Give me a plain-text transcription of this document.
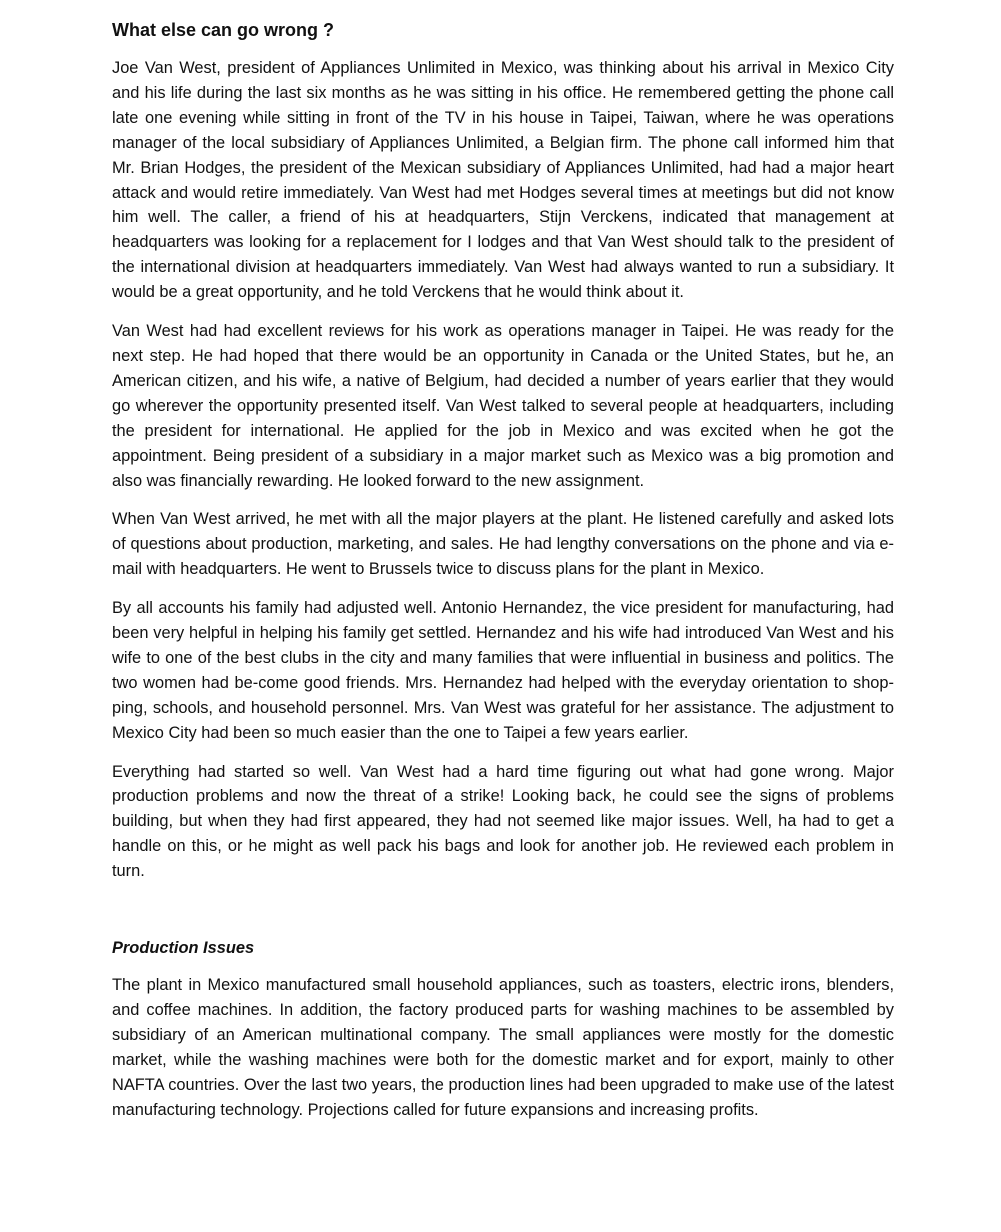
What else can go wrong ?

Joe Van West, president of Appliances Unlimited in Mexico, was thinking about his arrival in Mexico City and his life during the last six months as he was sitting in his office. He remembered getting the phone call late one evening while sitting in front of the TV in his house in Taipei, Taiwan, where he was operations manager of the local subsidiary of Appliances Unlimited, a Belgian firm. The phone call informed him that Mr. Brian Hodges, the president of the Mexican subsidiary of Appliances Unlimited, had had a major heart attack and would retire immediately. Van West had met Hodges several times at meetings but did not know him well. The caller, a friend of his at headquarters, Stijn Verckens, indicated that management at headquarters was looking for a replacement for I lodges and that Van West should talk to the president of the international division at headquarters immediately. Van West had always wanted to run a subsidiary. It would be a great opportunity, and he told Verckens that he would think about it.

Van West had had excellent reviews for his work as operations manager in Taipei. He was ready for the next step. He had hoped that there would be an opportunity in Canada or the United States, but he, an American citizen, and his wife, a native of Belgium, had decided a number of years earlier that they would go wherever the opportunity presented itself. Van West talked to several people at headquarters, including the president for international. He applied for the job in Mexico and was excited when he got the appointment. Being president of a subsidiary in a major market such as Mexico was a big promotion and also was financially rewarding. He looked forward to the new assignment.

When Van West arrived, he met with all the major players at the plant. He listened carefully and asked lots of questions about production, marketing, and sales. He had lengthy conversations on the phone and via e-mail with headquarters. He went to Brussels twice to discuss plans for the plant in Mexico.

By all accounts his family had adjusted well. Antonio Hernandez, the vice president for manufacturing, had been very helpful in helping his family get settled. Hernandez and his wife had introduced Van West and his wife to one of the best clubs in the city and many families that were influential in business and politics. The two women had be-come good friends. Mrs. Hernandez had helped with the everyday orientation to shop-ping, schools, and household personnel. Mrs. Van West was grateful for her assistance. The adjustment to Mexico City had been so much easier than the one to Taipei a few years earlier.

Everything had started so well. Van West had a hard time figuring out what had gone wrong. Major production problems and now the threat of a strike! Looking back, he could see the signs of problems building, but when they had first appeared, they had not seemed like major issues. Well, ha had to get a handle on this, or he might as well pack his bags and look for another job. He reviewed each problem in turn.

Production Issues

The plant in Mexico manufactured small household appliances, such as toasters, electric irons, blenders, and coffee machines. In addition, the factory produced parts for washing machines to be assembled by subsidiary of an American multinational company. The small appliances were mostly for the domestic market, while the washing machines were both for the domestic market and for export, mainly to other NAFTA countries. Over the last two years, the production lines had been upgraded to make use of the latest manufacturing technology. Projections called for future expansions and increasing profits.
